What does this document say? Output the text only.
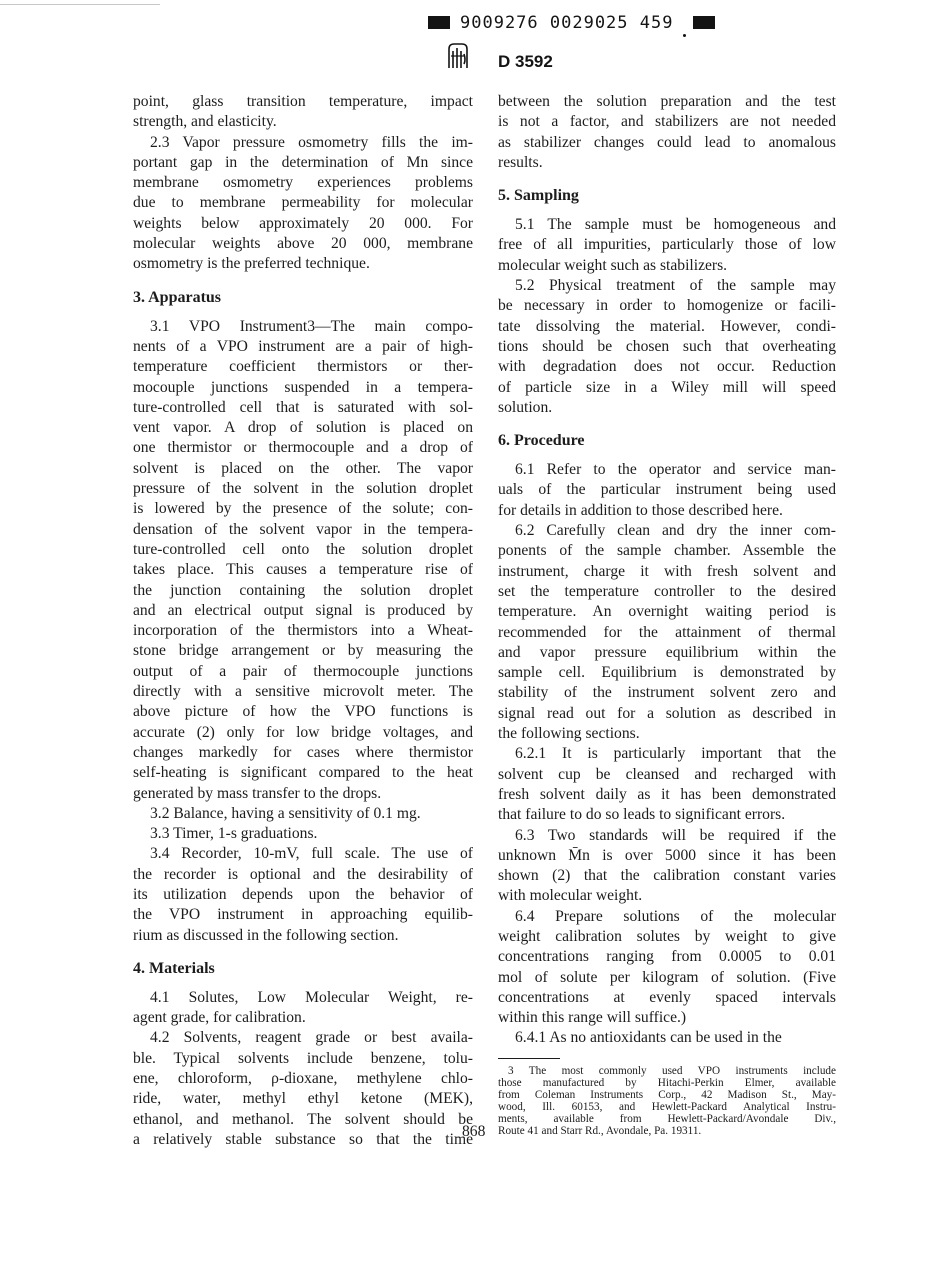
9009276 0029025 459
D 3592
point, glass transition temperature, impact
strength, and elasticity.
2.3 Vapor pressure osmometry fills the im-
portant gap in the determination of Mn since
membrane osmometry experiences problems
due to membrane permeability for molecular
weights below approximately 20 000. For
molecular weights above 20 000, membrane
osmometry is the preferred technique.
3. Apparatus
3.1 VPO Instrument3—The main compo-
nents of a VPO instrument are a pair of high-
temperature coefficient thermistors or ther-
mocouple junctions suspended in a tempera-
ture-controlled cell that is saturated with sol-
vent vapor. A drop of solution is placed on
one thermistor or thermocouple and a drop of
solvent is placed on the other. The vapor
pressure of the solvent in the solution droplet
is lowered by the presence of the solute; con-
densation of the solvent vapor in the tempera-
ture-controlled cell onto the solution droplet
takes place. This causes a temperature rise of
the junction containing the solution droplet
and an electrical output signal is produced by
incorporation of the thermistors into a Wheat-
stone bridge arrangement or by measuring the
output of a pair of thermocouple junctions
directly with a sensitive microvolt meter. The
above picture of how the VPO functions is
accurate (2) only for low bridge voltages, and
changes markedly for cases where thermistor
self-heating is significant compared to the heat
generated by mass transfer to the drops.
3.2 Balance, having a sensitivity of 0.1 mg.
3.3 Timer, 1-s graduations.
3.4 Recorder, 10-mV, full scale. The use of
the recorder is optional and the desirability of
its utilization depends upon the behavior of
the VPO instrument in approaching equilib-
rium as discussed in the following section.
4. Materials
4.1 Solutes, Low Molecular Weight, re-
agent grade, for calibration.
4.2 Solvents, reagent grade or best availa-
ble. Typical solvents include benzene, tolu-
ene, chloroform, ρ-dioxane, methylene chlo-
ride, water, methyl ethyl ketone (MEK),
ethanol, and methanol. The solvent should be
a relatively stable substance so that the time
between the solution preparation and the test
is not a factor, and stabilizers are not needed
as stabilizer changes could lead to anomalous
results.
5. Sampling
5.1 The sample must be homogeneous and
free of all impurities, particularly those of low
molecular weight such as stabilizers.
5.2 Physical treatment of the sample may
be necessary in order to homogenize or facili-
tate dissolving the material. However, condi-
tions should be chosen such that overheating
with degradation does not occur. Reduction
of particle size in a Wiley mill will speed
solution.
6. Procedure
6.1 Refer to the operator and service man-
uals of the particular instrument being used
for details in addition to those described here.
6.2 Carefully clean and dry the inner com-
ponents of the sample chamber. Assemble the
instrument, charge it with fresh solvent and
set the temperature controller to the desired
temperature. An overnight waiting period is
recommended for the attainment of thermal
and vapor pressure equilibrium within the
sample cell. Equilibrium is demonstrated by
stability of the instrument solvent zero and
signal read out for a solution as described in
the following sections.
6.2.1 It is particularly important that the
solvent cup be cleansed and recharged with
fresh solvent daily as it has been demonstrated
that failure to do so leads to significant errors.
6.3 Two standards will be required if the
unknown M̄n is over 5000 since it has been
shown (2) that the calibration constant varies
with molecular weight.
6.4 Prepare solutions of the molecular
weight calibration solutes by weight to give
concentrations ranging from 0.0005 to 0.01
mol of solute per kilogram of solution. (Five
concentrations at evenly spaced intervals
within this range will suffice.)
6.4.1 As no antioxidants can be used in the
3 The most commonly used VPO instruments include
those manufactured by Hitachi-Perkin Elmer, available
from Coleman Instruments Corp., 42 Madison St., May-
wood, Ill. 60153, and Hewlett-Packard Analytical Instru-
ments, available from Hewlett-Packard/Avondale Div.,
Route 41 and Starr Rd., Avondale, Pa. 19311.
868
